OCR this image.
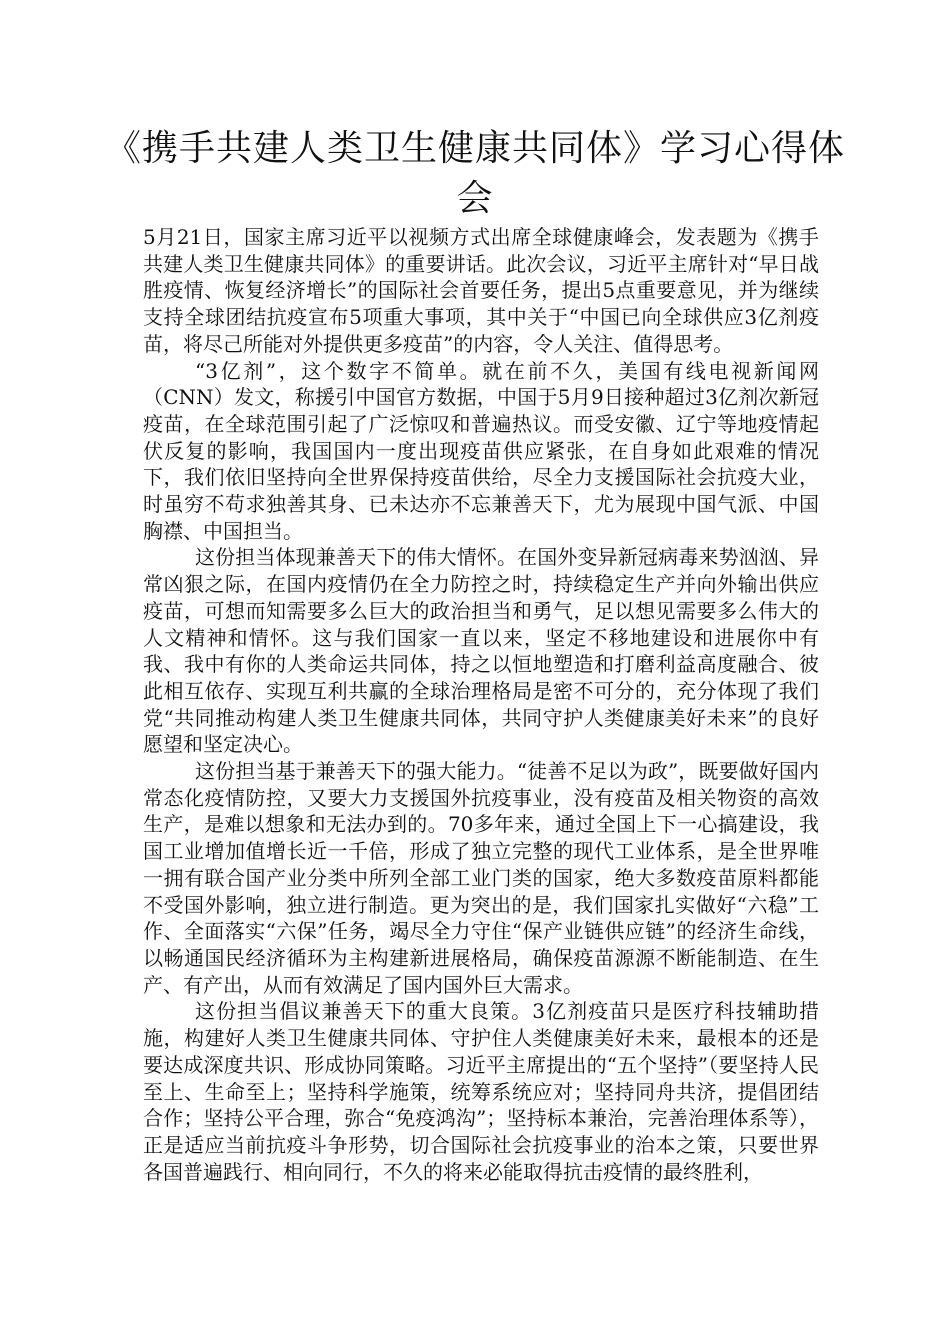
《携手共建人类卫生健康共同体》学习心得体会

5月21日，国家主席习近平以视频方式出席全球健康峰会，发表题为《携手共建人类卫生健康共同体》的重要讲话。此次会议，习近平主席针对“早日战胜疫情、恢复经济增长”的国际社会首要任务，提出5点重要意见，并为继续支持全球团结抗疫宣布5项重大事项，其中关于“中国已向全球供应3亿剂疫苗，将尽己所能对外提供更多疫苗”的内容，令人关注、值得思考。

“3亿剂”，这个数字不简单。就在前不久，美国有线电视新闻网（CNN）发文，称援引中国官方数据，中国于5月9日接种超过3亿剂次新冠疫苗，在全球范围引起了广泛惊叹和普遍热议。而受安徽、辽宁等地疫情起伏反复的影响，我国国内一度出现疫苗供应紧张，在自身如此艰难的情况下，我们依旧坚持向全世界保持疫苗供给，尽全力支援国际社会抗疫大业，时虽穷不苟求独善其身、已未达亦不忘兼善天下，尤为展现中国气派、中国胸襟、中国担当。

这份担当体现兼善天下的伟大情怀。在国外变异新冠病毒来势汹汹、异常凶狠之际，在国内疫情仍在全力防控之时，持续稳定生产并向外输出供应疫苗，可想而知需要多么巨大的政治担当和勇气，足以想见需要多么伟大的人文精神和情怀。这与我们国家一直以来，坚定不移地建设和进展你中有我、我中有你的人类命运共同体，持之以恒地塑造和打磨利益高度融合、彼此相互依存、实现互利共赢的全球治理格局是密不可分的，充分体现了我们党“共同推动构建人类卫生健康共同体，共同守护人类健康美好未来”的良好愿望和坚定决心。

这份担当基于兼善天下的强大能力。“徒善不足以为政”，既要做好国内常态化疫情防控，又要大力支援国外抗疫事业，没有疫苗及相关物资的高效生产，是难以想象和无法办到的。70多年来，通过全国上下一心搞建设，我国工业增加值增长近一千倍，形成了独立完整的现代工业体系，是全世界唯一拥有联合国产业分类中所列全部工业门类的国家，绝大多数疫苗原料都能不受国外影响，独立进行制造。更为突出的是，我们国家扎实做好“六稳”工作、全面落实“六保”任务，竭尽全力守住“保产业链供应链”的经济生命线，以畅通国民经济循环为主构建新进展格局，确保疫苗源源不断能制造、在生产、有产出，从而有效满足了国内国外巨大需求。

这份担当倡议兼善天下的重大良策。3亿剂疫苗只是医疗科技辅助措施，构建好人类卫生健康共同体、守护住人类健康美好未来，最根本的还是要达成深度共识、形成协同策略。习近平主席提出的“五个坚持”（要坚持人民至上、生命至上；坚持科学施策，统筹系统应对；坚持同舟共济，提倡团结合作；坚持公平合理，弥合“免疫鸿沟”；坚持标本兼治，完善治理体系等），正是适应当前抗疫斗争形势，切合国际社会抗疫事业的治本之策，只要世界各国普遍践行、相向同行，不久的将来必能取得抗击疫情的最终胜利，
